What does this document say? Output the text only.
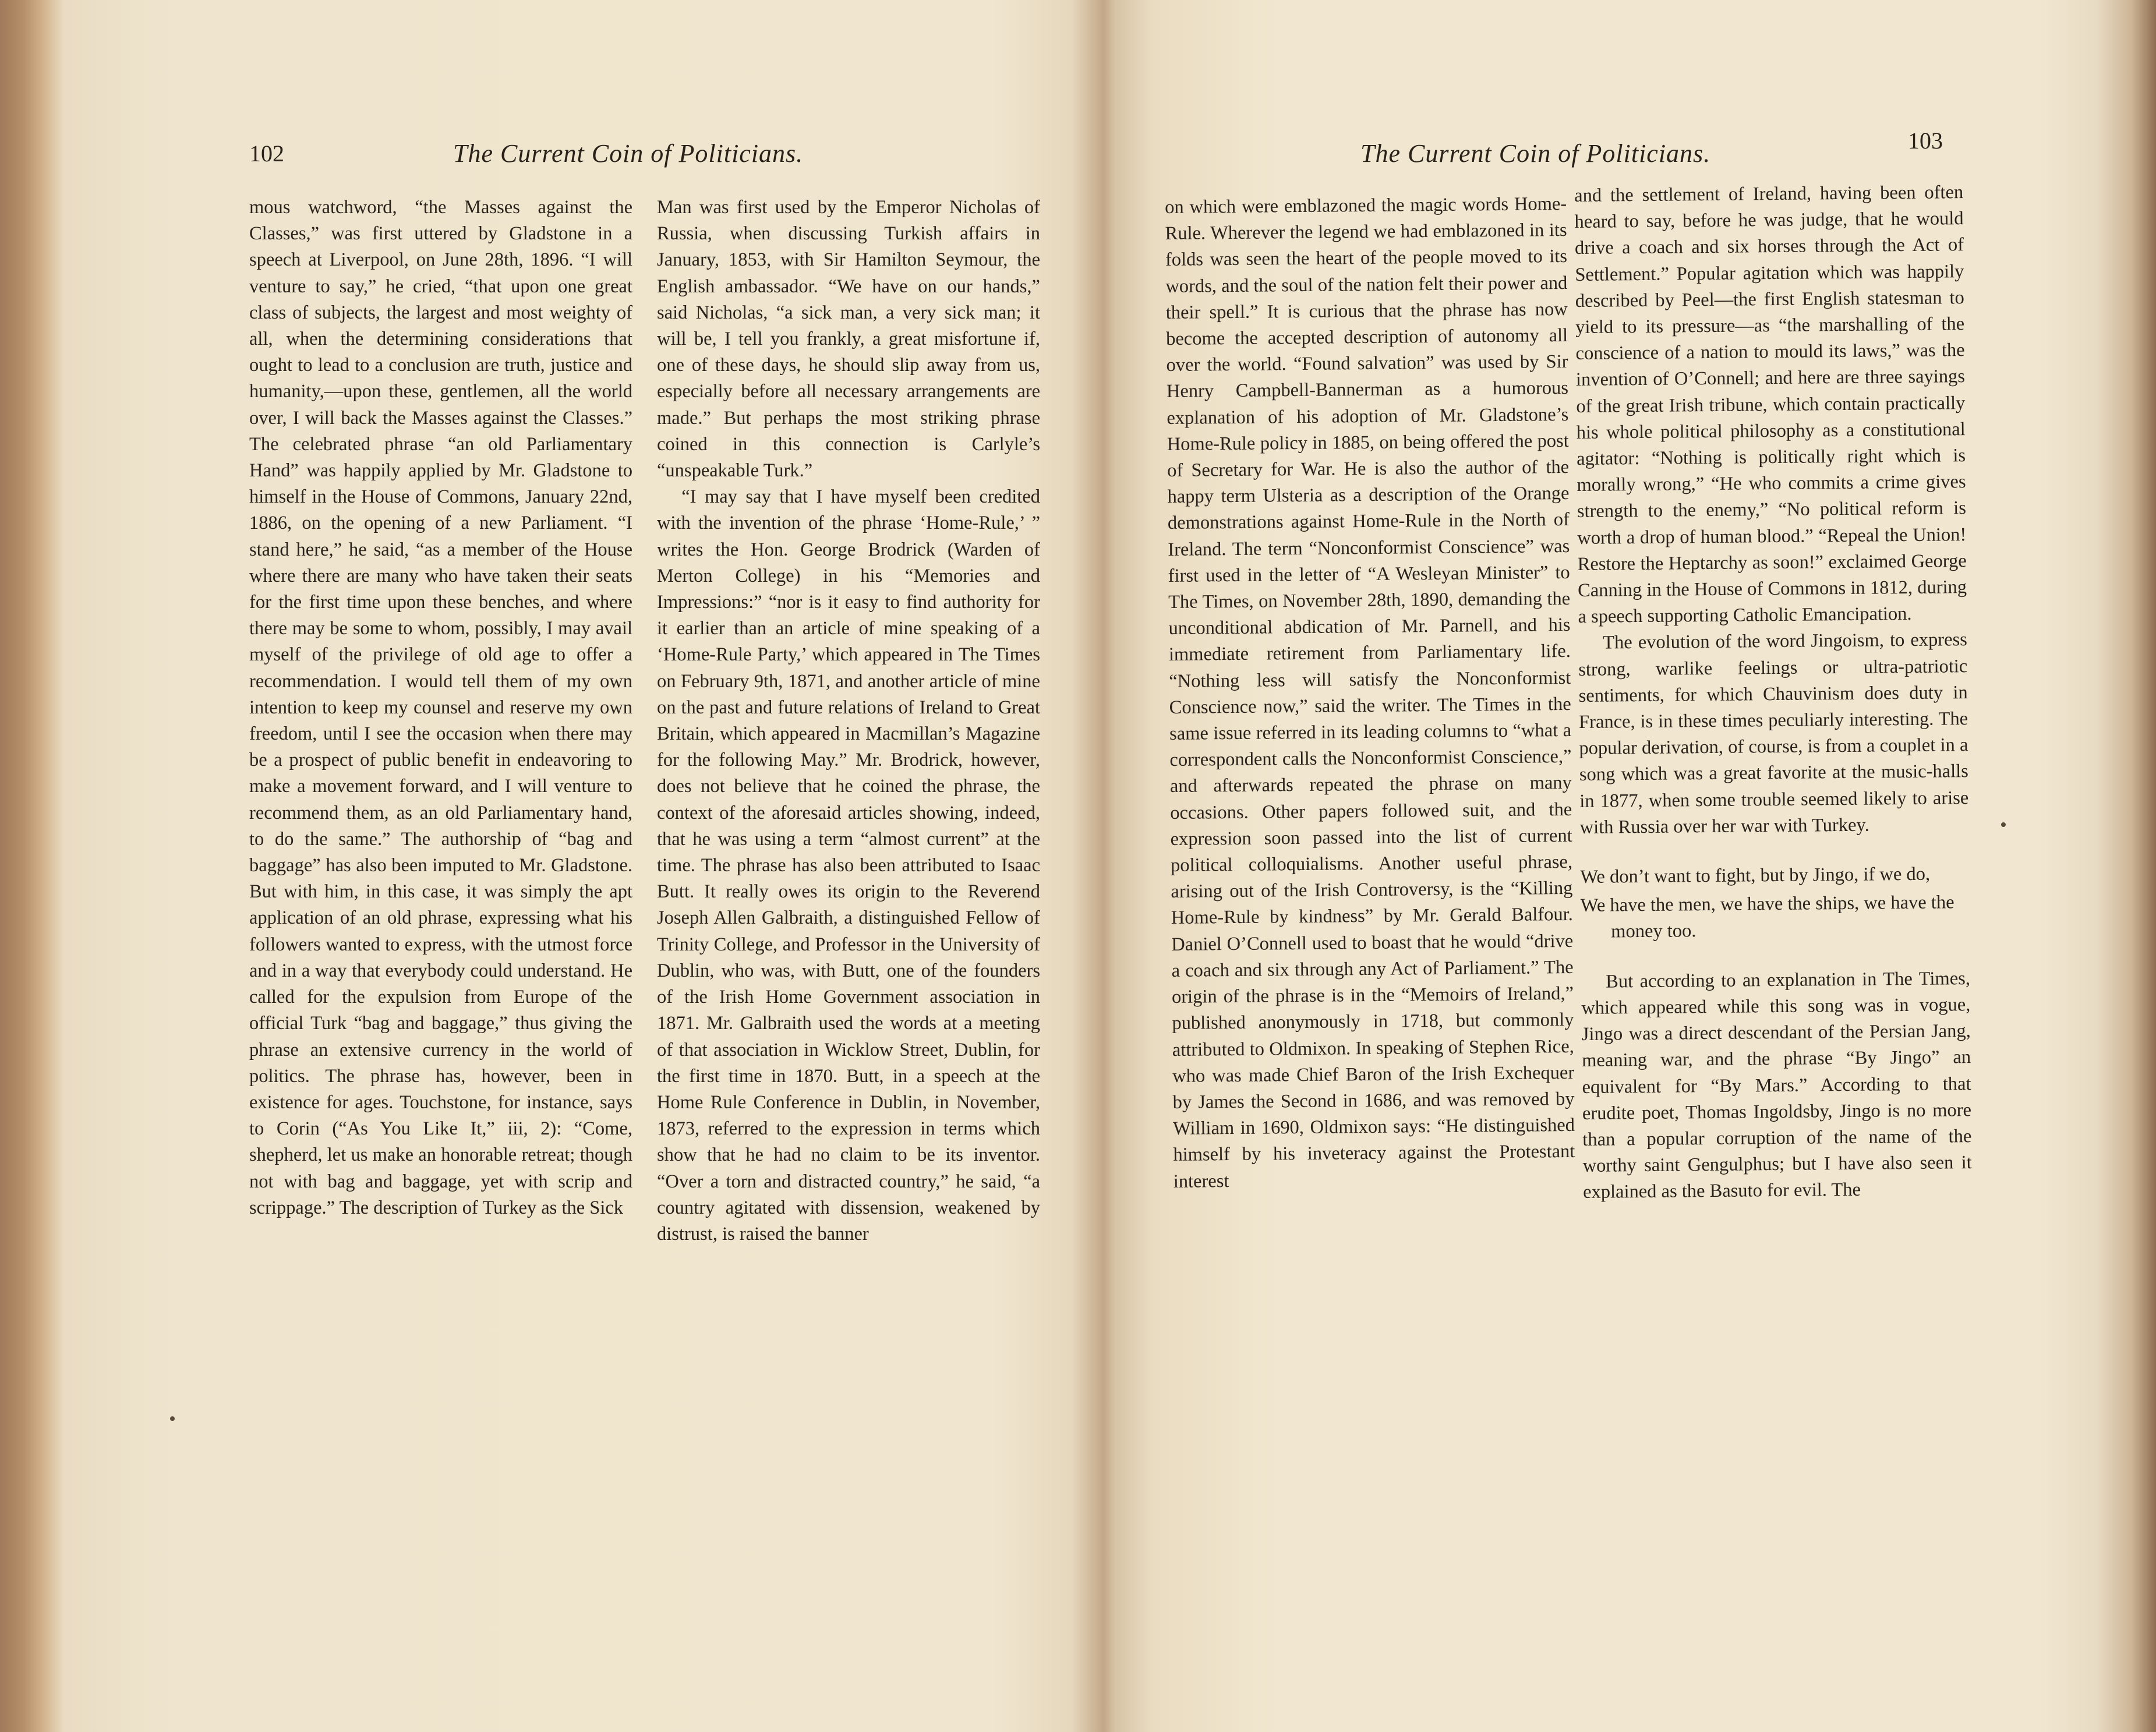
102	The Current Coin of Politicians.

mous watchword, “the Masses against the Classes,” was first uttered by Gladstone in a speech at Liverpool, on June 28th, 1896. “I will venture to say,” he cried, “that upon one great class of subjects, the largest and most weighty of all, when the determining considerations that ought to lead to a conclusion are truth, justice and humanity,—upon these, gentlemen, all the world over, I will back the Masses against the Classes.” The celebrated phrase “an old Parliamentary Hand” was happily applied by Mr. Gladstone to himself in the House of Commons, January 22nd, 1886, on the opening of a new Parliament. “I stand here,” he said, “as a member of the House where there are many who have taken their seats for the first time upon these benches, and where there may be some to whom, possibly, I may avail myself of the privilege of old age to offer a recommendation. I would tell them of my own intention to keep my counsel and reserve my own freedom, until I see the occasion when there may be a prospect of public benefit in endeavoring to make a movement forward, and I will venture to recommend them, as an old Parliamentary hand, to do the same.” The authorship of “bag and baggage” has also been imputed to Mr. Gladstone. But with him, in this case, it was simply the apt application of an old phrase, expressing what his followers wanted to express, with the utmost force and in a way that everybody could understand. He called for the expulsion from Europe of the official Turk “bag and baggage,” thus giving the phrase an extensive currency in the world of politics. The phrase has, however, been in existence for ages. Touchstone, for instance, says to Corin (“As You Like It,” iii, 2): “Come, shepherd, let us make an honorable retreat; though not with bag and baggage, yet with scrip and scrippage.” The description of Turkey as the Sick

Man was first used by the Emperor Nicholas of Russia, when discussing Turkish affairs in January, 1853, with Sir Hamilton Seymour, the English ambassador. “We have on our hands,” said Nicholas, “a sick man, a very sick man; it will be, I tell you frankly, a great misfortune if, one of these days, he should slip away from us, especially before all necessary arrangements are made.” But perhaps the most striking phrase coined in this connection is Carlyle’s “unspeakable Turk.”

“I may say that I have myself been credited with the invention of the phrase ‘Home-Rule,’ ” writes the Hon. George Brodrick (Warden of Merton College) in his “Memories and Impressions:” “nor is it easy to find authority for it earlier than an article of mine speaking of a ‘Home-Rule Party,’ which appeared in The Times on February 9th, 1871, and another article of mine on the past and future relations of Ireland to Great Britain, which appeared in Macmillan’s Magazine for the following May.” Mr. Brodrick, however, does not believe that he coined the phrase, the context of the aforesaid articles showing, indeed, that he was using a term “almost current” at the time. The phrase has also been attributed to Isaac Butt. It really owes its origin to the Reverend Joseph Allen Galbraith, a distinguished Fellow of Trinity College, and Professor in the University of Dublin, who was, with Butt, one of the founders of the Irish Home Government association in 1871. Mr. Galbraith used the words at a meeting of that association in Wicklow Street, Dublin, for the first time in 1870. Butt, in a speech at the Home Rule Conference in Dublin, in November, 1873, referred to the expression in terms which show that he had no claim to be its inventor. “Over a torn and distracted country,” he said, “a country agitated with dissension, weakened by distrust, is raised the banner

The Current Coin of Politicians.	103

on which were emblazoned the magic words Home-Rule. Wherever the legend we had emblazoned in its folds was seen the heart of the people moved to its words, and the soul of the nation felt their power and their spell.” It is curious that the phrase has now become the accepted description of autonomy all over the world. “Found salvation” was used by Sir Henry Campbell-Bannerman as a humorous explanation of his adoption of Mr. Gladstone’s Home-Rule policy in 1885, on being offered the post of Secretary for War. He is also the author of the happy term Ulsteria as a description of the Orange demonstrations against Home-Rule in the North of Ireland. The term “Nonconformist Conscience” was first used in the letter of “A Wesleyan Minister” to The Times, on November 28th, 1890, demanding the unconditional abdication of Mr. Parnell, and his immediate retirement from Parliamentary life. “Nothing less will satisfy the Nonconformist Conscience now,” said the writer. The Times in the same issue referred in its leading columns to “what a correspondent calls the Nonconformist Conscience,” and afterwards repeated the phrase on many occasions. Other papers followed suit, and the expression soon passed into the list of current political colloquialisms. Another useful phrase, arising out of the Irish Controversy, is the “Killing Home-Rule by kindness” by Mr. Gerald Balfour. Daniel O’Connell used to boast that he would “drive a coach and six through any Act of Parliament.” The origin of the phrase is in the “Memoirs of Ireland,” published anonymously in 1718, but commonly attributed to Oldmixon. In speaking of Stephen Rice, who was made Chief Baron of the Irish Exchequer by James the Second in 1686, and was removed by William in 1690, Oldmixon says: “He distinguished himself by his inveteracy against the Protestant interest

and the settlement of Ireland, having been often heard to say, before he was judge, that he would drive a coach and six horses through the Act of Settlement.” Popular agitation which was happily described by Peel—the first English statesman to yield to its pressure—as “the marshalling of the conscience of a nation to mould its laws,” was the invention of O’Connell; and here are three sayings of the great Irish tribune, which contain practically his whole political philosophy as a constitutional agitator: “Nothing is politically right which is morally wrong,” “He who commits a crime gives strength to the enemy,” “No political reform is worth a drop of human blood.” “Repeal the Union! Restore the Heptarchy as soon!” exclaimed George Canning in the House of Commons in 1812, during a speech supporting Catholic Emancipation.

The evolution of the word Jingoism, to express strong, warlike feelings or ultra-patriotic sentiments, for which Chauvinism does duty in France, is in these times peculiarly interesting. The popular derivation, of course, is from a couplet in a song which was a great favorite at the music-halls in 1877, when some trouble seemed likely to arise with Russia over her war with Turkey.

We don’t want to fight, but by Jingo, if we do,
We have the men, we have the ships, we have the money too.

But according to an explanation in The Times, which appeared while this song was in vogue, Jingo was a direct descendant of the Persian Jang, meaning war, and the phrase “By Jingo” an equivalent for “By Mars.” According to that erudite poet, Thomas Ingoldsby, Jingo is no more than a popular corruption of the name of the worthy saint Gengulphus; but I have also seen it explained as the Basuto for evil. The
